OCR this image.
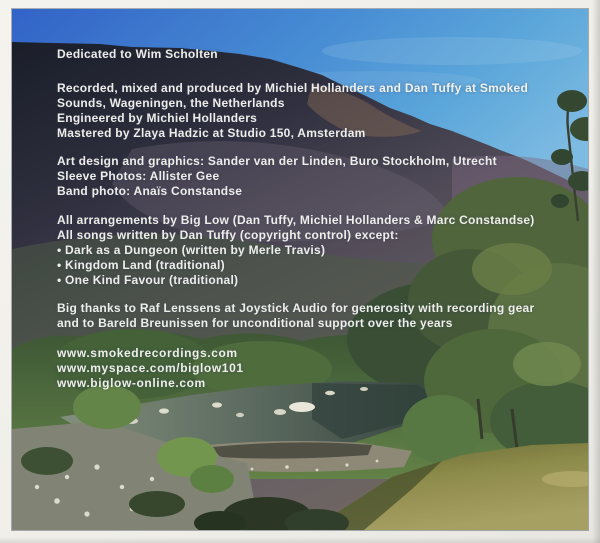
Dedicated to Wim Scholten
Recorded, mixed and produced by Michiel Hollanders and Dan Tuffy at Smoked
Sounds, Wageningen, the Netherlands
Engineered by Michiel Hollanders
Mastered by Zlaya Hadzic at Studio 150, Amsterdam
Art design and graphics: Sander van der Linden, Buro Stockholm, Utrecht
Sleeve Photos: Allister Gee
Band photo: Anaïs Constandse
All arrangements by Big Low (Dan Tuffy, Michiel Hollanders & Marc Constandse)
All songs written by Dan Tuffy (copyright control) except:
• Dark as a Dungeon (written by Merle Travis)
• Kingdom Land (traditional)
• One Kind Favour (traditional)
Big thanks to Raf Lenssens at Joystick Audio for generosity with recording gear
and to Bareld Breunissen for unconditional support over the years
www.smokedrecordings.com
www.myspace.com/biglow101
www.biglow-online.com
